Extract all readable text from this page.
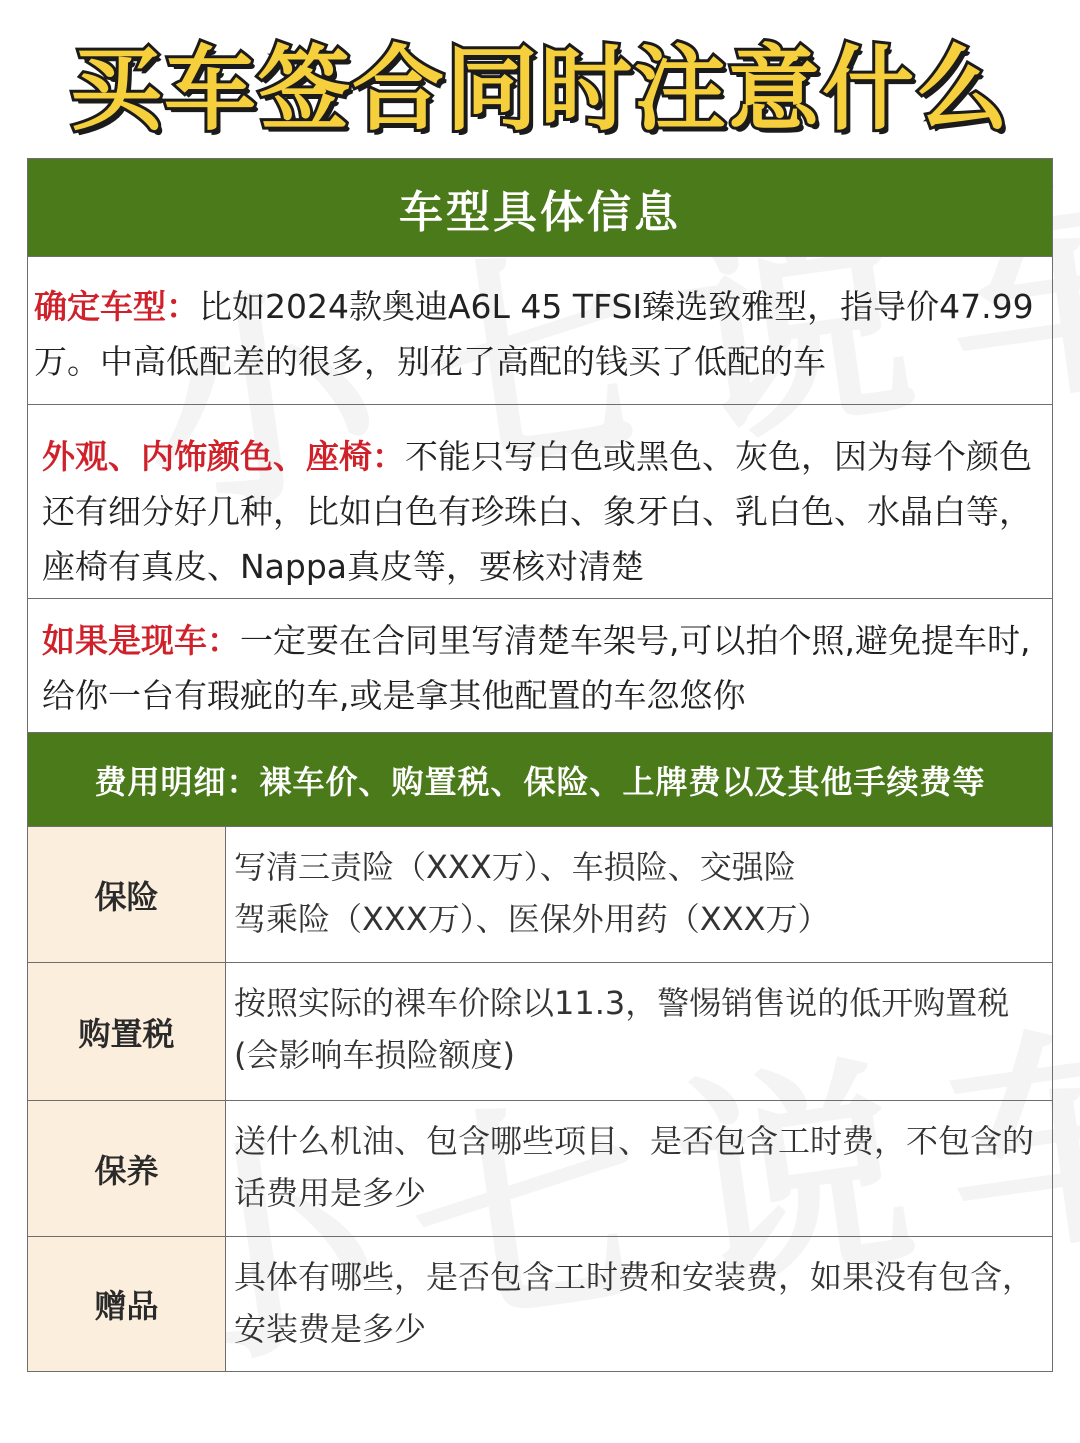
买车签合同时注意什么
车型具体信息
确定车型：比如2024款奥迪A6L 45 TFSI臻选致雅型，指导价47.99万。中高低配差的很多，别花了高配的钱买了低配的车
外观、内饰颜色、座椅：不能只写白色或黑色、灰色，因为每个颜色还有细分好几种，比如白色有珍珠白、象牙白、乳白色、水晶白等，座椅有真皮、Nappa真皮等，要核对清楚
如果是现车：一定要在合同里写清楚车架号,可以拍个照,避免提车时,给你一台有瑕疵的车,或是拿其他配置的车忽悠你
费用明细：裸车价、购置税、保险、上牌费以及其他手续费等
保险
写清三责险（XXX万）、车损险、交强险
驾乘险（XXX万）、医保外用药（XXX万）
购置税
按照实际的裸车价除以11.3，警惕销售说的低开购置税(会影响车损险额度)
保养
送什么机油、包含哪些项目、是否包含工时费，不包含的话费用是多少
赠品
具体有哪些，是否包含工时费和安装费，如果没有包含，安装费是多少
